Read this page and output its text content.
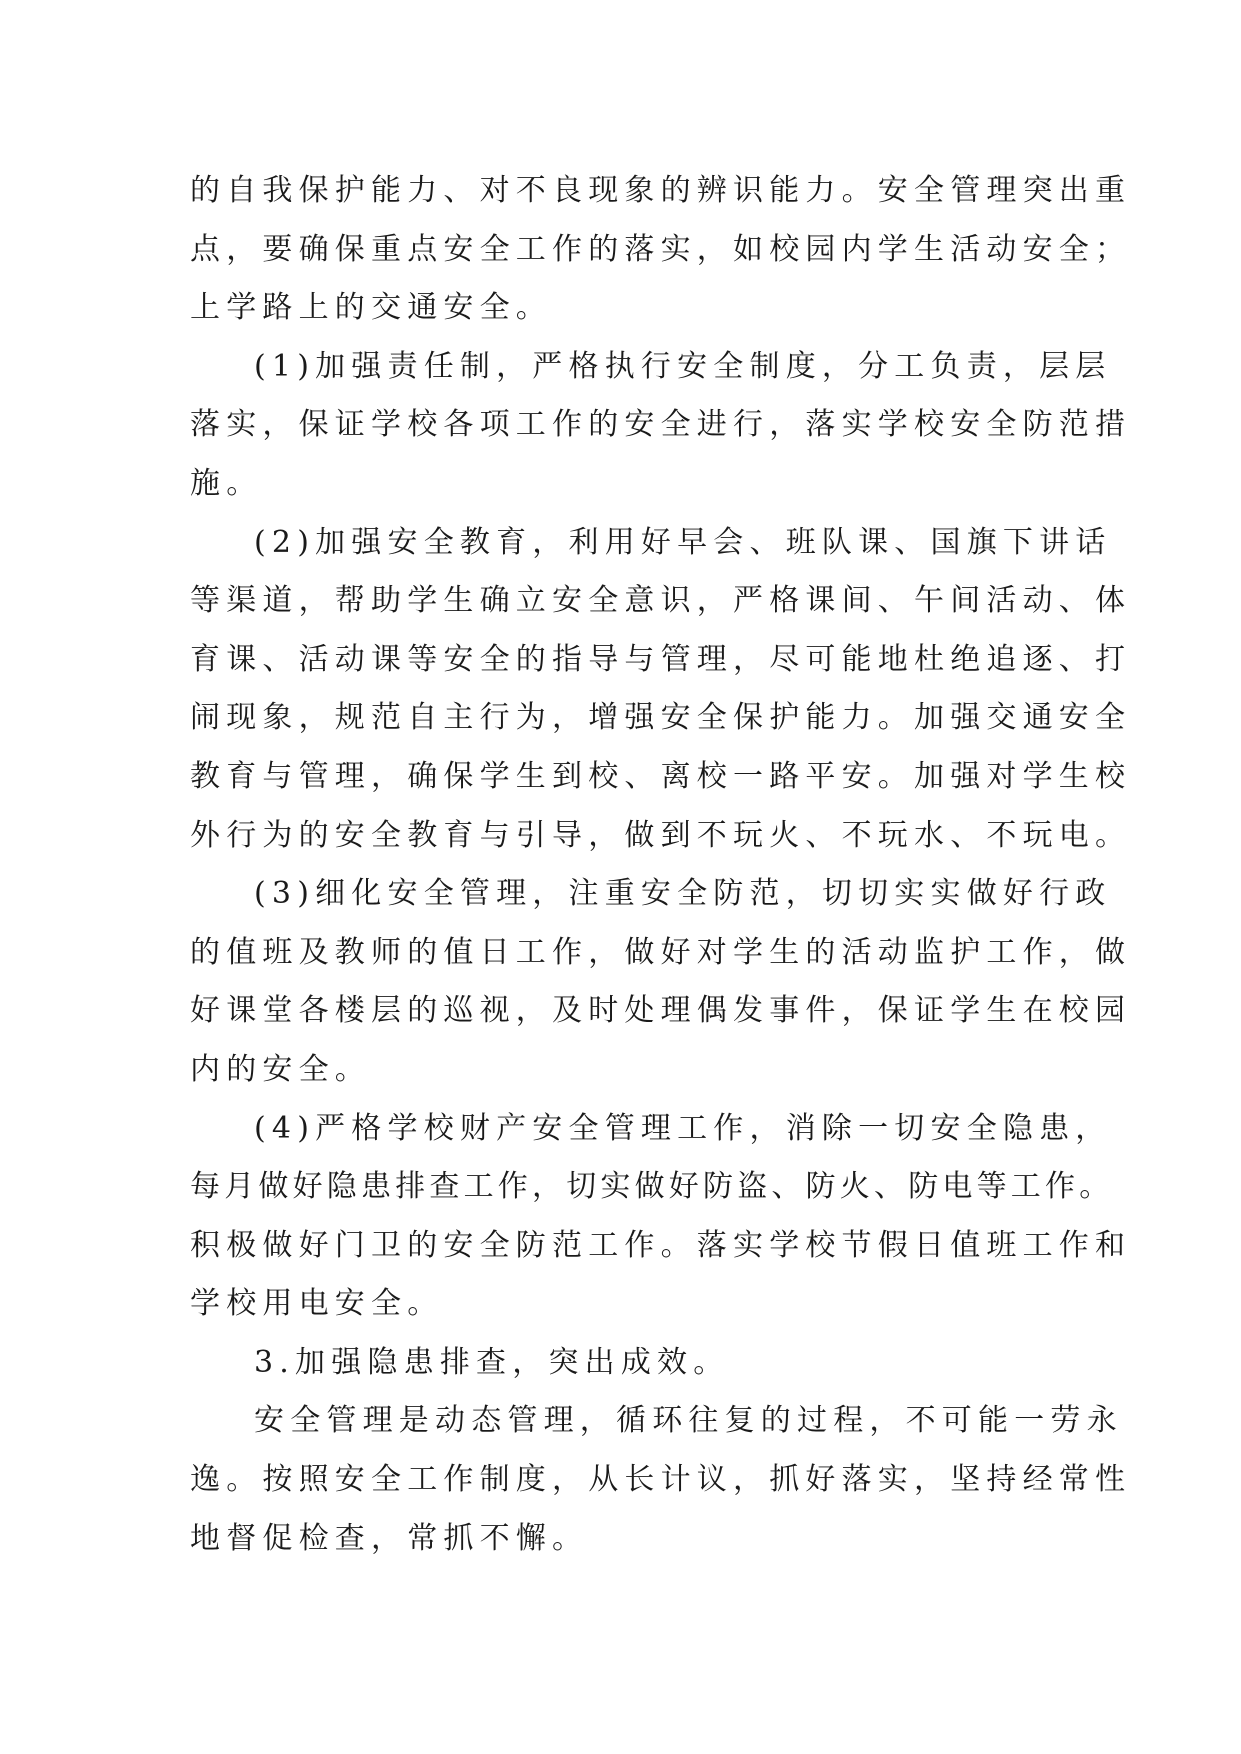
的自我保护能力、对不良现象的辨识能力。安全管理突出重
点，要确保重点安全工作的落实，如校园内学生活动安全；
上学路上的交通安全。
(1)加强责任制，严格执行安全制度，分工负责，层层
落实，保证学校各项工作的安全进行，落实学校安全防范措
施。
(2)加强安全教育，利用好早会、班队课、国旗下讲话
等渠道，帮助学生确立安全意识，严格课间、午间活动、体
育课、活动课等安全的指导与管理，尽可能地杜绝追逐、打
闹现象，规范自主行为，增强安全保护能力。加强交通安全
教育与管理，确保学生到校、离校一路平安。加强对学生校
外行为的安全教育与引导，做到不玩火、不玩水、不玩电。
(3)细化安全管理，注重安全防范，切切实实做好行政
的值班及教师的值日工作，做好对学生的活动监护工作，做
好课堂各楼层的巡视，及时处理偶发事件，保证学生在校园
内的安全。
(4)严格学校财产安全管理工作，消除一切安全隐患，
每月做好隐患排查工作，切实做好防盗、防火、防电等工作。
积极做好门卫的安全防范工作。落实学校节假日值班工作和
学校用电安全。
3.加强隐患排查，突出成效。
安全管理是动态管理，循环往复的过程，不可能一劳永
逸。按照安全工作制度，从长计议，抓好落实，坚持经常性
地督促检查，常抓不懈。
